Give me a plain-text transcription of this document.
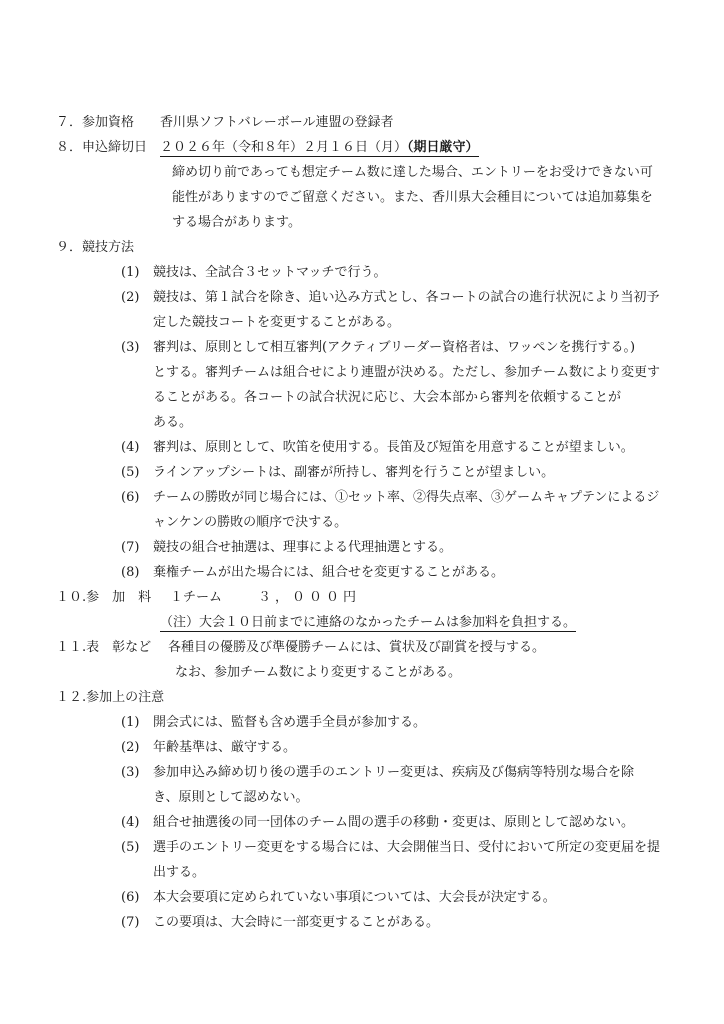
７．参加資格 香川県ソフトバレーボール連盟の登録者
８．申込締切日 ２０２６年（令和８年）２月１６日（月）（期日厳守）
締め切り前であっても想定チーム数に達した場合、エントリーをお受けできない可
能性がありますのでご留意ください。また、香川県大会種目については追加募集を
する場合があります。
９．競技方法
(1)	競技は、全試合３セットマッチで行う。
(2)	競技は、第１試合を除き、追い込み方式とし、各コートの試合の進行状況により当初予
定した競技コートを変更することがある。
(3)	審判は、原則として相互審判(アクティブリーダー資格者は、ワッペンを携行する。)
とする。審判チームは組合せにより連盟が決める。ただし、参加チーム数により変更す
ることがある。各コートの試合状況に応じ、大会本部から審判を依頼することが
ある。
(4)	審判は、原則として、吹笛を使用する。長笛及び短笛を用意することが望ましい。
(5)	ラインアップシートは、副審が所持し、審判を行うことが望ましい。
(6)	チームの勝敗が同じ場合には、①セット率、②得失点率、③ゲームキャプテンによるジ
ャンケンの勝敗の順序で決する。
(7)	競技の組合せ抽選は、理事による代理抽選とする。
(8)	棄権チームが出た場合には、組合せを変更することがある。
１０.参　加　料 １チーム	３，０００円
（注）大会１０日前までに連絡のなかったチームは参加料を負担する。
１１.表　彰など 各種目の優勝及び準優勝チームには、賞状及び副賞を授与する。
なお、参加チーム数により変更することがある。
１２.参加上の注意
(1)	開会式には、監督も含め選手全員が参加する。
(2)	年齢基準は、厳守する。
(3)	参加申込み締め切り後の選手のエントリー変更は、疾病及び傷病等特別な場合を除
き、原則として認めない。
(4)	組合せ抽選後の同一団体のチーム間の選手の移動・変更は、原則として認めない。
(5)	選手のエントリー変更をする場合には、大会開催当日、受付において所定の変更届を提
出する。
(6)	本大会要項に定められていない事項については、大会長が決定する。
(7)	この要項は、大会時に一部変更することがある。
